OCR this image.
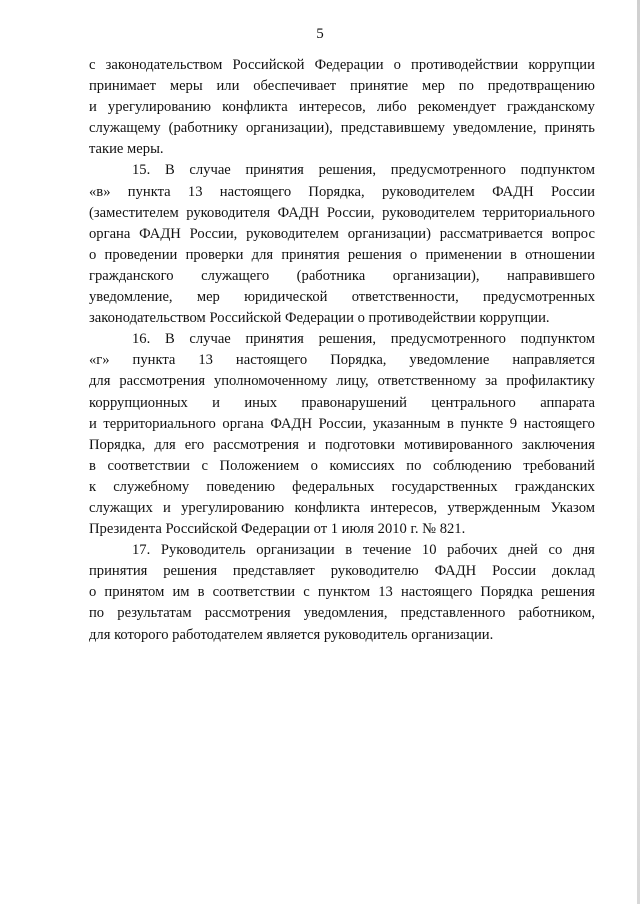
5
с законодательством Российской Федерации о противодействии коррупции
принимает меры или обеспечивает принятие мер по предотвращению
и урегулированию конфликта интересов, либо рекомендует гражданскому
служащему (работнику организации), представившему уведомление, принять
такие меры.
15. В случае принятия решения, предусмотренного подпунктом
«в» пункта 13 настоящего Порядка, руководителем ФАДН России
(заместителем руководителя ФАДН России, руководителем территориального
органа ФАДН России, руководителем организации) рассматривается вопрос
о проведении проверки для принятия решения о применении в отношении
гражданского служащего (работника организации), направившего
уведомление, мер юридической ответственности, предусмотренных
законодательством Российской Федерации о противодействии коррупции.
16. В случае принятия решения, предусмотренного подпунктом
«г» пункта 13 настоящего Порядка, уведомление направляется
для рассмотрения уполномоченному лицу, ответственному за профилактику
коррупционных и иных правонарушений центрального аппарата
и территориального органа ФАДН России, указанным в пункте 9 настоящего
Порядка, для его рассмотрения и подготовки мотивированного заключения
в соответствии с Положением о комиссиях по соблюдению требований
к служебному поведению федеральных государственных гражданских
служащих и урегулированию конфликта интересов, утвержденным Указом
Президента Российской Федерации от 1 июля 2010 г. № 821.
17. Руководитель организации в течение 10 рабочих дней со дня
принятия решения представляет руководителю ФАДН России доклад
о принятом им в соответствии с пунктом 13 настоящего Порядка решения
по результатам рассмотрения уведомления, представленного работником,
для которого работодателем является руководитель организации.
